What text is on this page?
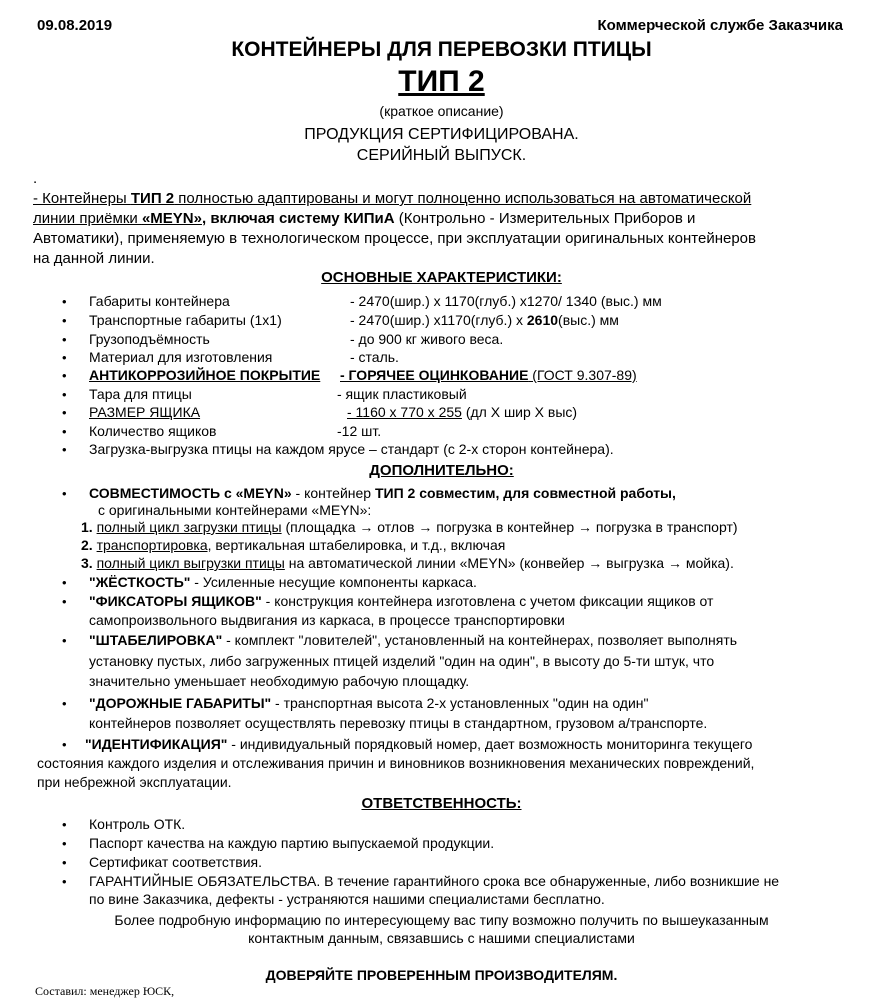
09.08.2019	Коммерческой службе Заказчика
КОНТЕЙНЕРЫ ДЛЯ ПЕРЕВОЗКИ ПТИЦЫ
ТИП 2
(краткое описание)
ПРОДУКЦИЯ СЕРТИФИЦИРОВАНА.
СЕРИЙНЫЙ ВЫПУСК.
.
- Контейнеры ТИП 2 полностью адаптированы и могут полноценно использоваться на автоматической
линии приёмки «MEYN», включая систему КИПиА (Контрольно - Измерительных Приборов и
Автоматики), применяемую в технологическом процессе, при эксплуатации оригинальных контейнеров
на данной линии.
ОСНОВНЫЕ ХАРАКТЕРИСТИКИ:
• Габариты контейнера	- 2470(шир.) х 1170(глуб.) х1270/ 1340 (выс.) мм
• Транспортные габариты (1х1)	- 2470(шир.) х1170(глуб.) х 2610(выс.) мм
• Грузоподъёмность	- до 900 кг живого веса.
• Материал для изготовления	- сталь.
• АНТИКОРРОЗИЙНОЕ ПОКРЫТИЕ	- ГОРЯЧЕЕ ОЦИНКОВАНИЕ (ГОСТ 9.307-89)
• Тара для птицы	- ящик пластиковый
• РАЗМЕР ЯЩИКА	- 1160 х 770 х 255 (дл Х шир Х выс)
• Количество ящиков	-12 шт.
• Загрузка-выгрузка птицы на каждом ярусе – стандарт (с 2-х сторон контейнера).
ДОПОЛНИТЕЛЬНО:
• СОВМЕСТИМОСТЬ с «MEYN» - контейнер ТИП 2 совместим, для совместной работы,
с оригинальными контейнерами «MEYN»:
1. полный цикл загрузки птицы (площадка → отлов → погрузка в контейнер → погрузка в транспорт)
2. транспортировка, вертикальная штабелировка, и т.д., включая
3. полный цикл выгрузки птицы на автоматической линии «MEYN» (конвейер → выгрузка → мойка).
• "ЖЁСТКОСТЬ" - Усиленные несущие компоненты каркаса.
• "ФИКСАТОРЫ ЯЩИКОВ" - конструкция контейнера изготовлена с учетом фиксации ящиков от
самопроизвольного выдвигания из каркаса, в процессе транспортировки
• "ШТАБЕЛИРОВКА" - комплект "ловителей", установленный на контейнерах, позволяет выполнять
установку пустых, либо загруженных птицей изделий "один на один", в высоту до 5-ти штук, что
значительно уменьшает необходимую рабочую площадку.
• "ДОРОЖНЫЕ ГАБАРИТЫ" - транспортная высота 2-х установленных "один на один"
контейнеров позволяет осуществлять перевозку птицы в стандартном, грузовом а/транспорте.
• "ИДЕНТИФИКАЦИЯ" - индивидуальный порядковый номер, дает возможность мониторинга текущего
состояния каждого изделия и отслеживания причин и виновников возникновения механических повреждений,
при небрежной эксплуатации.
ОТВЕТСТВЕННОСТЬ:
• Контроль ОТК.
• Паспорт качества на каждую партию выпускаемой продукции.
• Сертификат соответствия.
• ГАРАНТИЙНЫЕ ОБЯЗАТЕЛЬСТВА. В течение гарантийного срока все обнаруженные, либо возникшие не
по вине Заказчика, дефекты - устраняются нашими специалистами бесплатно.
Более подробную информацию по интересующему вас типу возможно получить по вышеуказанным
контактным данным, связавшись с нашими специалистами
ДОВЕРЯЙТЕ ПРОВЕРЕННЫМ ПРОИЗВОДИТЕЛЯМ.
Составил: менеджер ЮСК,
